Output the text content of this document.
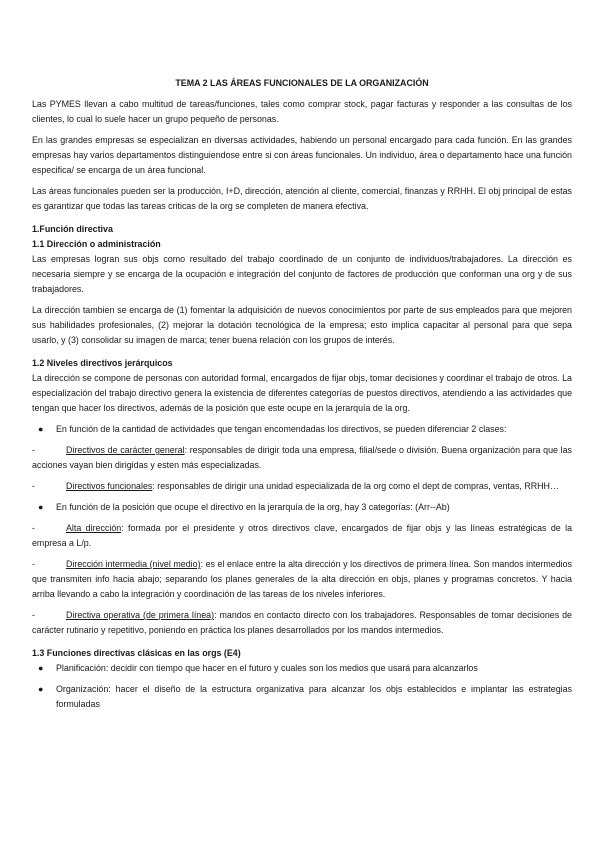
TEMA 2 LAS ÁREAS FUNCIONALES DE LA ORGANIZACIÓN

Las PYMES llevan a cabo multitud de tareas/funciones, tales como comprar stock, pagar facturas y responder a las consultas de los clientes, lo cual lo suele hacer un grupo pequeño de personas.

En las grandes empresas se especializan en diversas actividades, habiendo un personal encargado para cada función. En las grandes empresas hay varios departamentos distinguiendose entre si con áreas funcionales. Un individuo, área o departamento hace una función especifica/ se encarga de un área funcional.

Las áreas funcionales pueden ser la producción, I+D, dirección, atención al cliente, comercial, finanzas y RRHH. El obj principal de estas es garantizar que todas las tareas criticas de la org se completen de manera efectiva.

1.Función directiva

1.1 Dirección o administración

Las empresas logran sus objs como resultado del trabajo coordinado de un conjunto de individuos/trabajadores. La dirección es necesaria siempre y se encarga de la ocupación e integración del conjunto de factores de producción que conforman una org y de sus trabajadores.

La dirección tambien se encarga de (1) fomentar la adquisición de nuevos conocimientos por parte de sus empleados para que mejoren sus habilidades profesionales, (2) mejorar la dotación tecnológica de la empresa; esto implica capacitar al personal para que sepa usarlo, y (3) consolidar su imagen de marca; tener buena relación con los grupos de interés.

1.2 Niveles directivos jerárquicos

La dirección se compone de personas con autoridad formal, encargados de fijar objs, tomar decisiones y coordinar el trabajo de otros. La especialización del trabajo directivo genera la existencia de diferentes categorías de puestos directivos, atendiendo a las actividades que tengan que hacer los directivos, además de la posición que este ocupe en la jerarquía de la org.

●	En función de la cantidad de actividades que tengan encomendadas los directivos, se pueden diferenciar 2 clases:

-	Directivos de carácter general: responsables de dirigir toda una empresa, filial/sede o división. Buena organización para que las acciones vayan bien dirigidas y esten más especializadas.

-	Directivos funcionales: responsables de dirigir una unidad especializada de la org como el dept de compras, ventas, RRHH…

●	En función de la posición que ocupe el directivo en la jerarquía de la org, hay 3 categorías: (Arr--Ab)

-	Alta dirección: formada por el presidente y otros directivos clave, encargados de fijar objs y las líneas estratégicas de la empresa a L/p.

-	Dirección intermedia (nivel medio): es el enlace entre la alta dirección y los directivos de primera línea. Son mandos intermedios que transmiten info hacia abajo; separando los planes generales de la alta dirección en objs, planes y programas concretos. Y hacia arriba llevando a cabo la integración y coordinación de las tareas de los niveles inferiores.

-	Directiva operativa (de primera línea): mandos en contacto directo con los trabajadores. Responsables de tomar decisiones de carácter rutinario y repetitivo, poniendo en práctica los planes desarrollados por los mandos intermedios.

1.3 Funciones directivas clásicas en las orgs (E4)

●	Planificación: decidir con tiempo que hacer en el futuro y cuales son los medios que usará para alcanzarlos
●	Organización: hacer el diseño de la estructura organizativa para alcanzar los objs establecidos e implantar las estrategias formuladas
